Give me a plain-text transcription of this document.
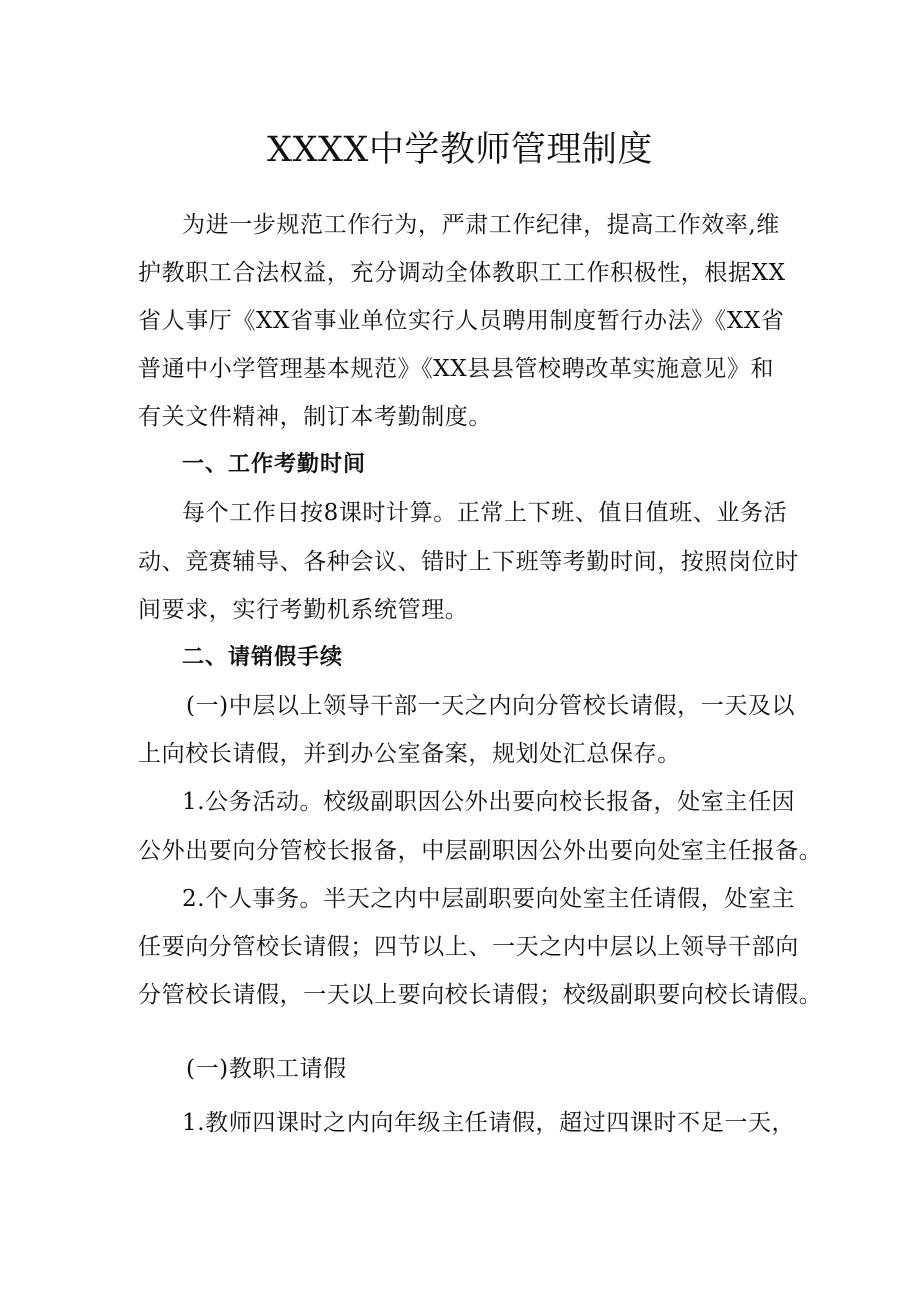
XXXX中学教师管理制度
为进一步规范工作行为，严肃工作纪律，提高工作效率,维
护教职工合法权益，充分调动全体教职工工作积极性，根据XX
省人事厅《XX省事业单位实行人员聘用制度暂行办法》《XX省
普通中小学管理基本规范》《XX县县管校聘改革实施意见》和
有关文件精神，制订本考勤制度。
一、工作考勤时间
每个工作日按8课时计算。正常上下班、值日值班、业务活
动、竞赛辅导、各种会议、错时上下班等考勤时间，按照岗位时
间要求，实行考勤机系统管理。
二、请销假手续
(一)中层以上领导干部一天之内向分管校长请假，一天及以
上向校长请假，并到办公室备案，规划处汇总保存。
1.公务活动。校级副职因公外出要向校长报备，处室主任因
公外出要向分管校长报备，中层副职因公外出要向处室主任报备。
2.个人事务。半天之内中层副职要向处室主任请假，处室主
任要向分管校长请假；四节以上、一天之内中层以上领导干部向
分管校长请假，一天以上要向校长请假；校级副职要向校长请假。
(一)教职工请假
1.教师四课时之内向年级主任请假，超过四课时不足一天，
